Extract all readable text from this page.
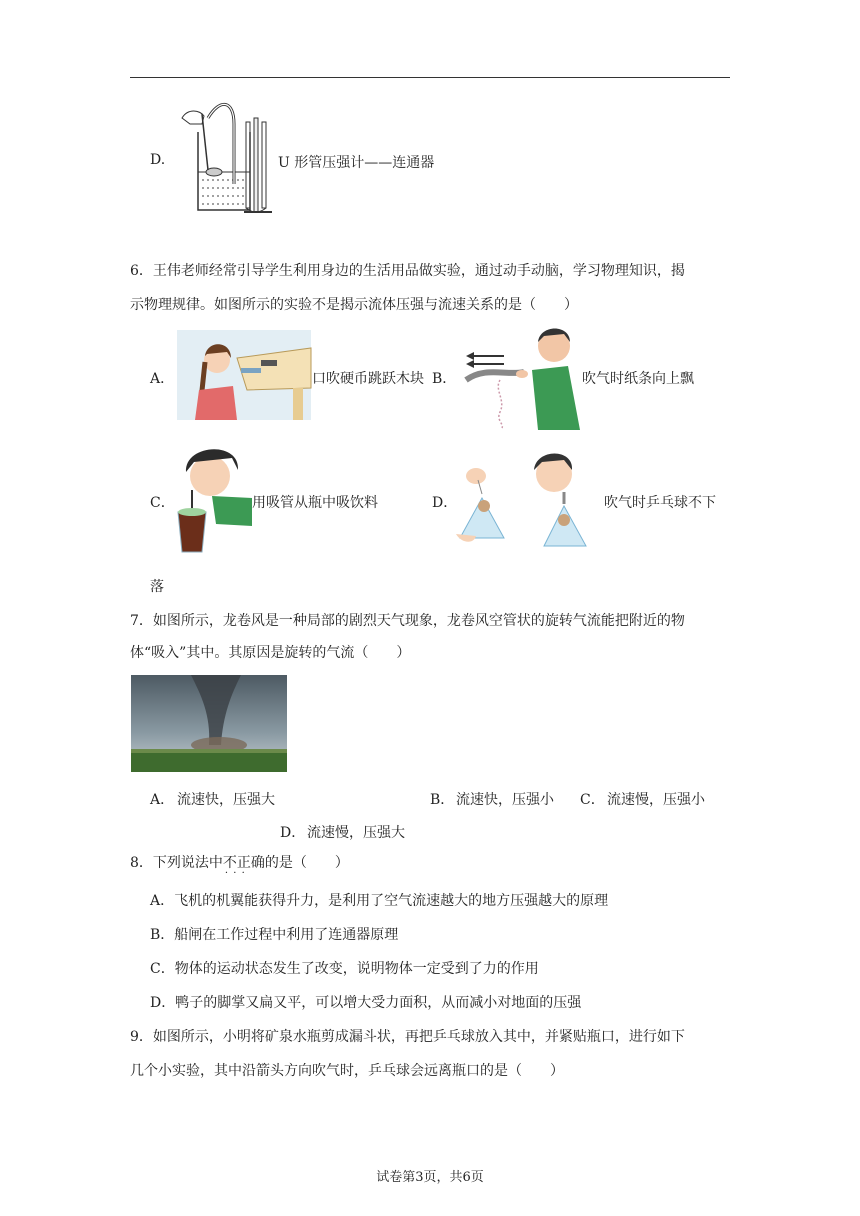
D.	U 形管压强计——连通器
6．王伟老师经常引导学生利用身边的生活用品做实验，通过动手动脑，学习物理知识，揭
示物理规律。如图所示的实验不是揭示流体压强与流速关系的是（　　）
A．	口吹硬币跳跃木块 B．	吹气时纸条向上飘
C．	用吸管从瓶中吸饮料	D．	吹气时乒乓球不下
落
7．如图所示，龙卷风是一种局部的剧烈天气现象，龙卷风空管状的旋转气流能把附近的物
体“吸入”其中。其原因是旋转的气流（　　）
A． 流速快，压强大	B． 流速快，压强小 C． 流速慢，压强小
D． 流速慢，压强大
8．下列说法中不正确 · · ·的是（　　）
A．飞机的机翼能获得升力，是利用了空气流速越大的地方压强越大的原理
B．船闸在工作过程中利用了连通器原理
C．物体的运动状态发生了改变，说明物体一定受到了力的作用
D．鸭子的脚掌又扁又平，可以增大受力面积，从而减小对地面的压强
9．如图所示，小明将矿泉水瓶剪成漏斗状，再把乒乓球放入其中，并紧贴瓶口，进行如下
几个小实验，其中沿箭头方向吹气时，乒乓球会远离瓶口的是（　　）
试卷第3页，共6页
